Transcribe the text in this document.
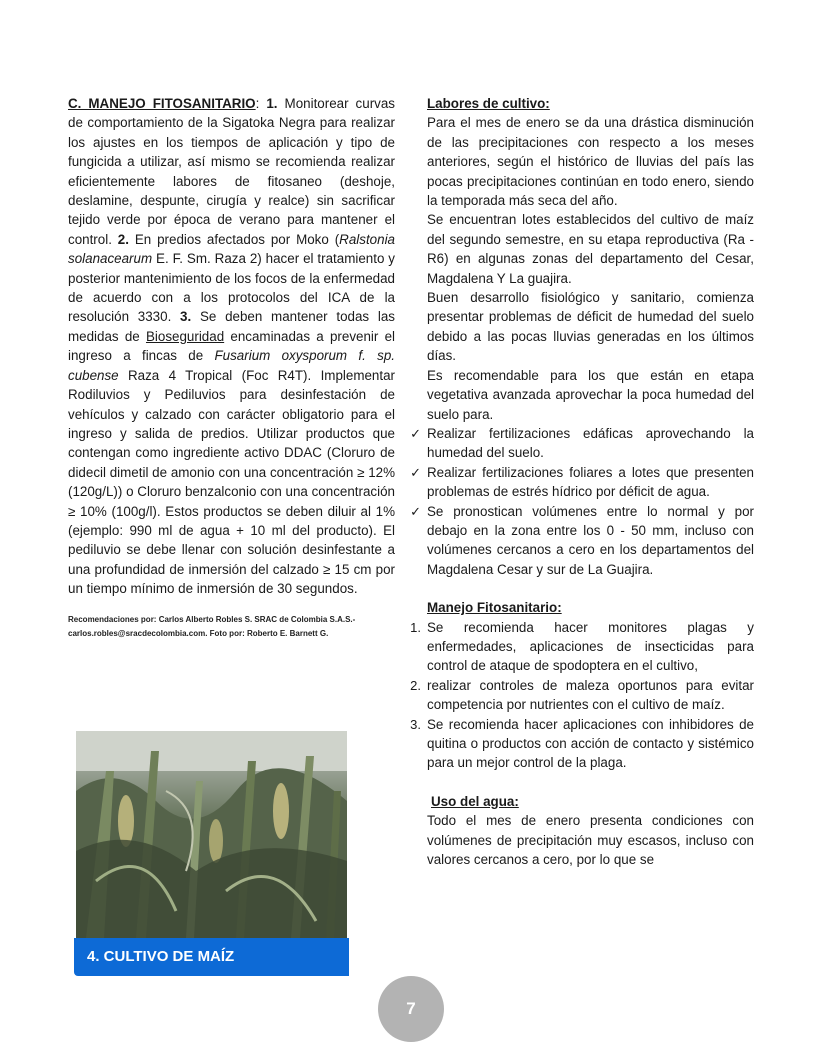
C. MANEJO FITOSANITARIO: 1. Monitorear curvas de comportamiento de la Sigatoka Negra para realizar los ajustes en los tiempos de aplicación y tipo de fungicida a utilizar, así mismo se recomienda realizar eficientemente labores de fitosaneo (deshoje, deslamine, despunte, cirugía y realce) sin sacrificar tejido verde por época de verano para mantener el control. 2. En predios afectados por Moko (Ralstonia solanacearum E. F. Sm. Raza 2) hacer el tratamiento y posterior mantenimiento de los focos de la enfermedad de acuerdo con a los protocolos del ICA de la resolución 3330. 3. Se deben mantener todas las medidas de Bioseguridad encaminadas a prevenir el ingreso a fincas de Fusarium oxysporum f. sp. cubense Raza 4 Tropical (Foc R4T). Implementar Rodiluvios y Pediluvios para desinfestación de vehículos y calzado con carácter obligatorio para el ingreso y salida de predios. Utilizar productos que contengan como ingrediente activo DDAC (Cloruro de didecil dimetil de amonio con una concentración ≥ 12% (120g/L)) o Cloruro benzalconio con una concentración ≥ 10% (100g/l). Estos productos se deben diluir al 1% (ejemplo: 990 ml de agua + 10 ml del producto). El pediluvio se debe llenar con solución desinfestante a una profundidad de inmersión del calzado ≥ 15 cm por un tiempo mínimo de inmersión de 30 segundos.

Recomendaciones por: Carlos Alberto Robles S. SRAC de Colombia S.A.S.- carlos.robles@sracdecolombia.com. Foto por: Roberto E. Barnett G.
4. CULTIVO DE MAÍZ

Labores de cultivo:

Para el mes de enero se da una drástica disminución de las precipitaciones con respecto a los meses anteriores, según el histórico de lluvias del país las pocas precipitaciones continúan en todo enero, siendo la temporada más seca del año.

Se encuentran lotes establecidos del cultivo de maíz del segundo semestre, en su etapa reproductiva (Ra - R6) en algunas zonas del departamento del Cesar, Magdalena Y La guajira.

Buen desarrollo fisiológico y sanitario, comienza presentar problemas de déficit de humedad del suelo debido a las pocas lluvias generadas en los últimos días.

Es recomendable para los que están en etapa vegetativa avanzada aprovechar la poca humedad del suelo para.

✓ Realizar fertilizaciones edáficas aprovechando la humedad del suelo.
✓ Realizar fertilizaciones foliares a lotes que presenten problemas de estrés hídrico por déficit de agua.
✓ Se pronostican volúmenes entre lo normal y por debajo en la zona entre los 0 - 50 mm, incluso con volúmenes cercanos a cero en los departamentos del Magdalena Cesar y sur de La Guajira.

Manejo Fitosanitario:

1. Se recomienda hacer monitores plagas y enfermedades, aplicaciones de insecticidas para control de ataque de spodoptera en el cultivo,
2. realizar controles de maleza oportunos para evitar competencia por nutrientes con el cultivo de maíz.
3. Se recomienda hacer aplicaciones con inhibidores de quitina o productos con acción de contacto y sistémico para un mejor control de la plaga.

Uso del agua:

Todo el mes de enero presenta condiciones con volúmenes de precipitación muy escasos, incluso con valores cercanos a cero, por lo que se

7
